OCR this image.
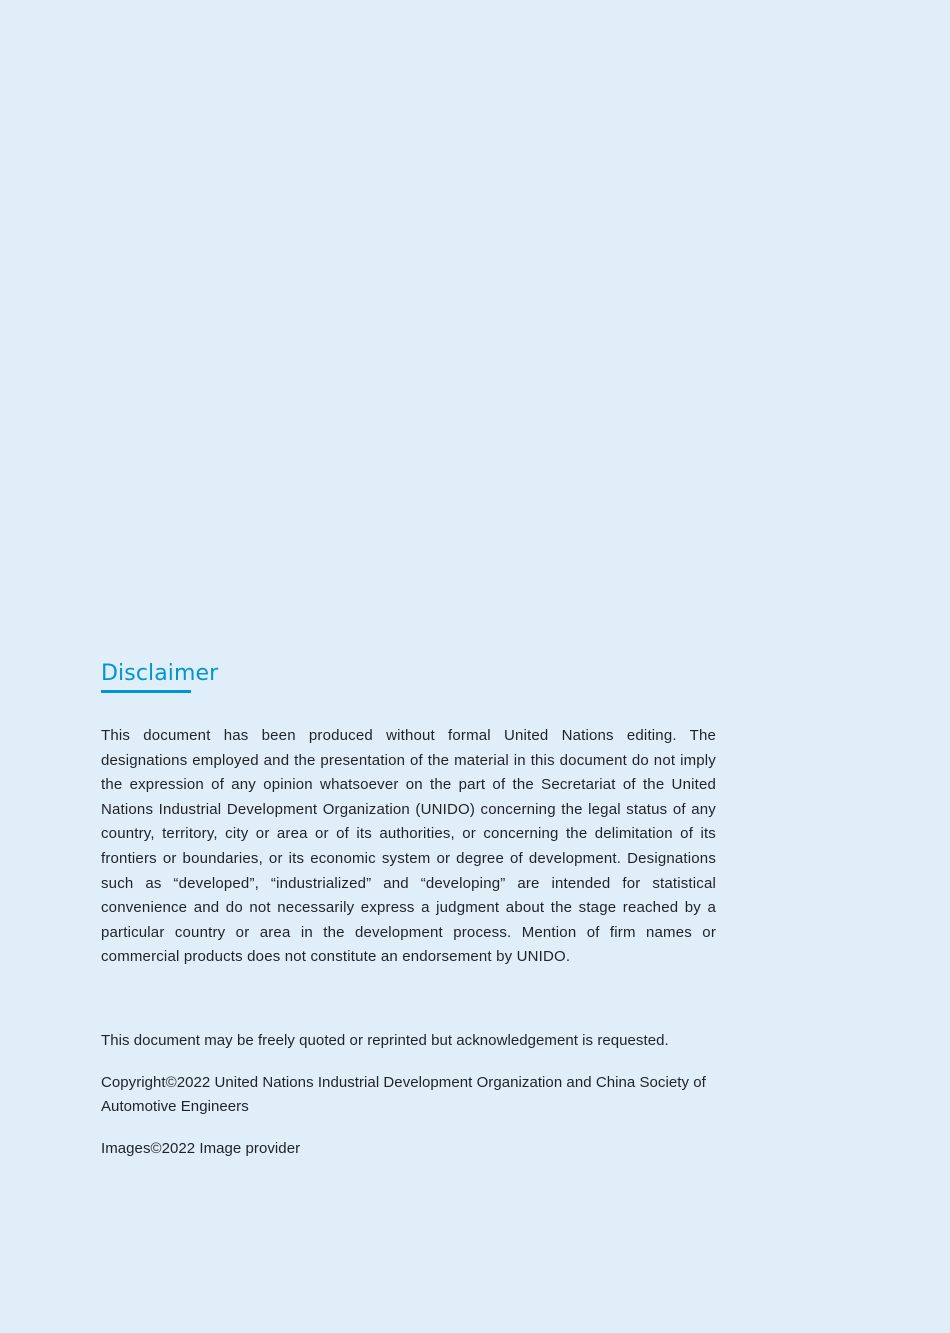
Disclaimer

This document has been produced without formal United Nations editing. The designations employed and the presentation of the material in this document do not imply the expression of any opinion whatsoever on the part of the Secretariat of the United Nations Industrial Development Organization (UNIDO) concerning the legal status of any country, territory, city or area or of its authorities, or concerning the delimitation of its frontiers or boundaries, or its economic system or degree of development. Designations such as “developed”, “industrialized” and “developing” are intended for statistical convenience and do not necessarily express a judgment about the stage reached by a particular country or area in the development process. Mention of firm names or commercial products does not constitute an endorsement by UNIDO.

This document may be freely quoted or reprinted but acknowledgement is requested.

Copyright©2022 United Nations Industrial Development Organization and China Society of Automotive Engineers

Images©2022 Image provider
